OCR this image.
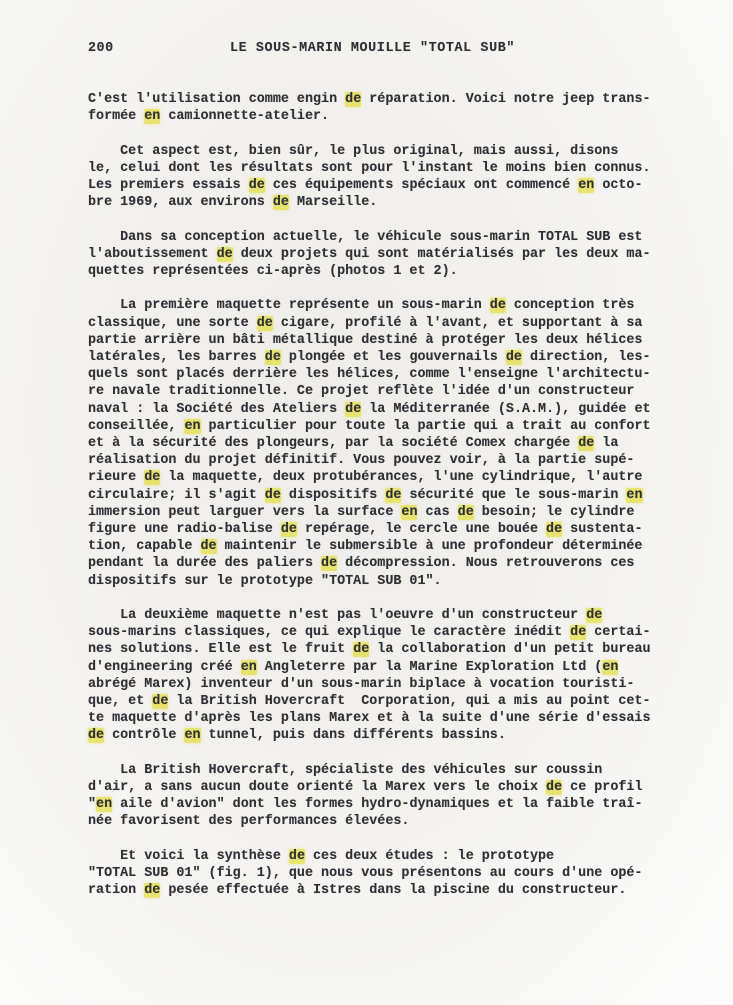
200	LE SOUS-MARIN MOUILLE "TOTAL SUB"
C'est l'utilisation comme engin de réparation. Voici notre jeep trans-
formée en camionnette-atelier.
Cet aspect est, bien sûr, le plus original, mais aussi, disons
le, celui dont les résultats sont pour l'instant le moins bien connus.
Les premiers essais de ces équipements spéciaux ont commencé en octo-
bre 1969, aux environs de Marseille.
Dans sa conception actuelle, le véhicule sous-marin TOTAL SUB est
l'aboutissement de deux projets qui sont matérialisés par les deux ma-
quettes représentées ci-après (photos 1 et 2).
La première maquette représente un sous-marin de conception très
classique, une sorte de cigare, profilé à l'avant, et supportant à sa
partie arrière un bâti métallique destiné à protéger les deux hélices
latérales, les barres de plongée et les gouvernails de direction, les-
quels sont placés derrière les hélices, comme l'enseigne l'architectu-
re navale traditionnelle. Ce projet reflète l'idée d'un constructeur
naval : la Société des Ateliers de la Méditerranée (S.A.M.), guidée et
conseillée, en particulier pour toute la partie qui a trait au confort
et à la sécurité des plongeurs, par la société Comex chargée de la
réalisation du projet définitif. Vous pouvez voir, à la partie supé-
rieure de la maquette, deux protubérances, l'une cylindrique, l'autre
circulaire; il s'agit de dispositifs de sécurité que le sous-marin en
immersion peut larguer vers la surface en cas de besoin; le cylindre
figure une radio-balise de repérage, le cercle une bouée de sustenta-
tion, capable de maintenir le submersible à une profondeur déterminée
pendant la durée des paliers de décompression. Nous retrouverons ces
dispositifs sur le prototype "TOTAL SUB 01".
La deuxième maquette n'est pas l'oeuvre d'un constructeur de
sous-marins classiques, ce qui explique le caractère inédit de certai-
nes solutions. Elle est le fruit de la collaboration d'un petit bureau
d'engineering créé en Angleterre par la Marine Exploration Ltd (en
abrégé Marex) inventeur d'un sous-marin biplace à vocation touristi-
que, et de la British Hovercraft  Corporation, qui a mis au point cet-
te maquette d'après les plans Marex et à la suite d'une série d'essais
de contrôle en tunnel, puis dans différents bassins.
La British Hovercraft, spécialiste des véhicules sur coussin
d'air, a sans aucun doute orienté la Marex vers le choix de ce profil
"en aile d'avion" dont les formes hydro-dynamiques et la faible traî-
née favorisent des performances élevées.
Et voici la synthèse de ces deux études : le prototype
"TOTAL SUB 01" (fig. 1), que nous vous présentons au cours d'une opé-
ration de pesée effectuée à Istres dans la piscine du constructeur.
